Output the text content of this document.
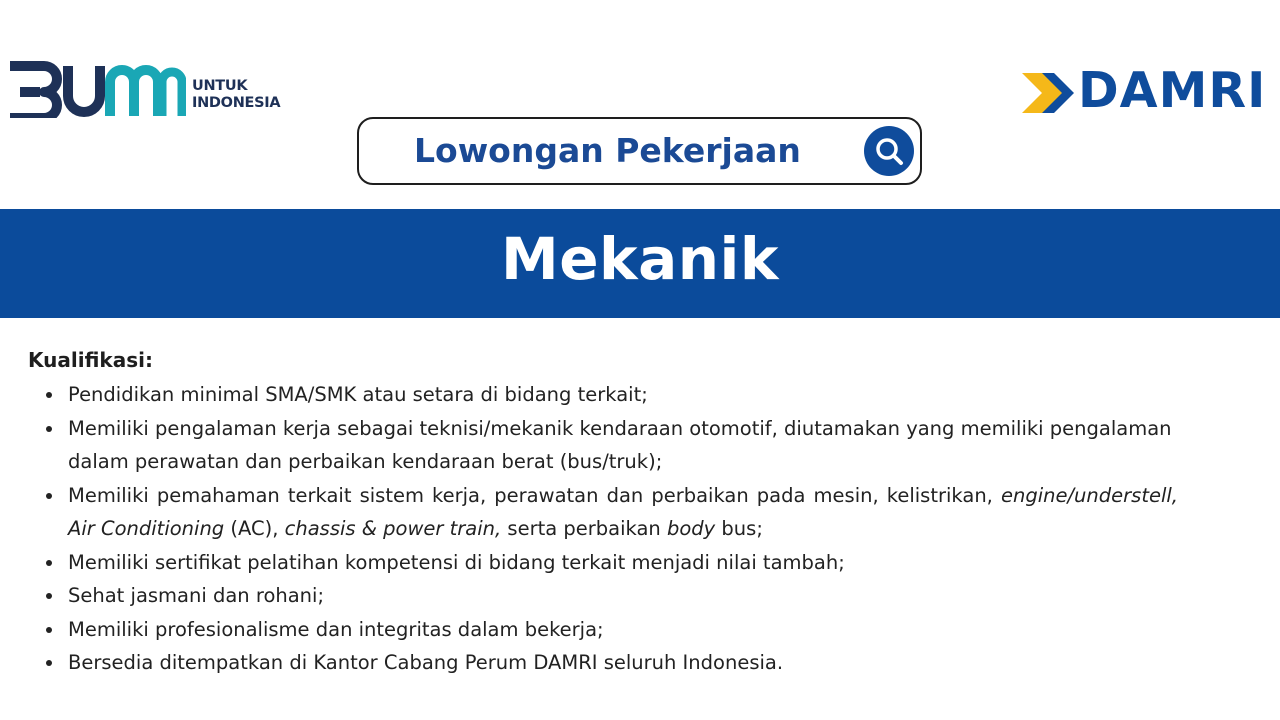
UNTUK
INDONESIA	DAMRI
Lowongan Pekerjaan
Mekanik
Kualifikasi:
Pendidikan minimal SMA/SMK atau setara di bidang terkait;
Memiliki pengalaman kerja sebagai teknisi/mekanik kendaraan otomotif, diutamakan yang memiliki pengalaman dalam perawatan dan perbaikan kendaraan berat (bus/truk);
Memiliki pemahaman terkait sistem kerja, perawatan dan perbaikan pada mesin, kelistrikan, engine/understell, Air Conditioning (AC), chassis & power train, serta perbaikan body bus;
Memiliki sertifikat pelatihan kompetensi di bidang terkait menjadi nilai tambah;
Sehat jasmani dan rohani;
Memiliki profesionalisme dan integritas dalam bekerja;
Bersedia ditempatkan di Kantor Cabang Perum DAMRI seluruh Indonesia.
